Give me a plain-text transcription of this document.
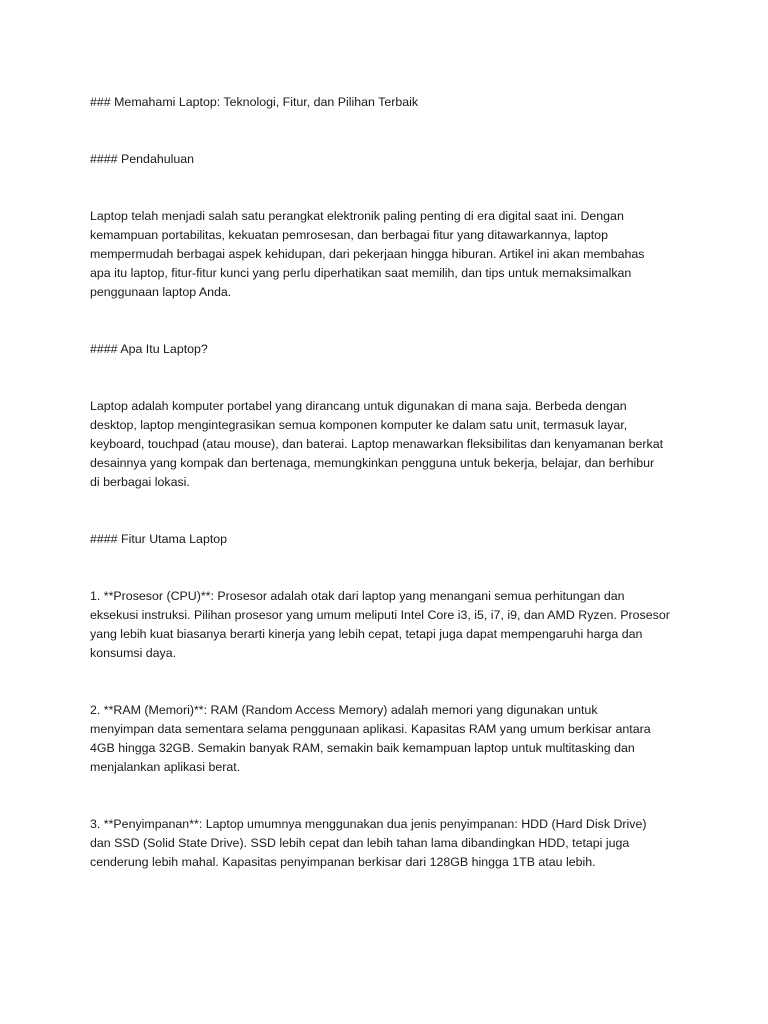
### Memahami Laptop: Teknologi, Fitur, dan Pilihan Terbaik
#### Pendahuluan

Laptop telah menjadi salah satu perangkat elektronik paling penting di era digital saat ini. Dengan
kemampuan portabilitas, kekuatan pemrosesan, dan berbagai fitur yang ditawarkannya, laptop
mempermudah berbagai aspek kehidupan, dari pekerjaan hingga hiburan. Artikel ini akan membahas
apa itu laptop, fitur-fitur kunci yang perlu diperhatikan saat memilih, dan tips untuk memaksimalkan
penggunaan laptop Anda.

#### Apa Itu Laptop?

Laptop adalah komputer portabel yang dirancang untuk digunakan di mana saja. Berbeda dengan
desktop, laptop mengintegrasikan semua komponen komputer ke dalam satu unit, termasuk layar,
keyboard, touchpad (atau mouse), dan baterai. Laptop menawarkan fleksibilitas dan kenyamanan berkat
desainnya yang kompak dan bertenaga, memungkinkan pengguna untuk bekerja, belajar, dan berhibur
di berbagai lokasi.

#### Fitur Utama Laptop

1. **Prosesor (CPU)**: Prosesor adalah otak dari laptop yang menangani semua perhitungan dan
eksekusi instruksi. Pilihan prosesor yang umum meliputi Intel Core i3, i5, i7, i9, dan AMD Ryzen. Prosesor
yang lebih kuat biasanya berarti kinerja yang lebih cepat, tetapi juga dapat mempengaruhi harga dan
konsumsi daya.

2. **RAM (Memori)**: RAM (Random Access Memory) adalah memori yang digunakan untuk
menyimpan data sementara selama penggunaan aplikasi. Kapasitas RAM yang umum berkisar antara
4GB hingga 32GB. Semakin banyak RAM, semakin baik kemampuan laptop untuk multitasking dan
menjalankan aplikasi berat.

3. **Penyimpanan**: Laptop umumnya menggunakan dua jenis penyimpanan: HDD (Hard Disk Drive)
dan SSD (Solid State Drive). SSD lebih cepat dan lebih tahan lama dibandingkan HDD, tetapi juga
cenderung lebih mahal. Kapasitas penyimpanan berkisar dari 128GB hingga 1TB atau lebih.
